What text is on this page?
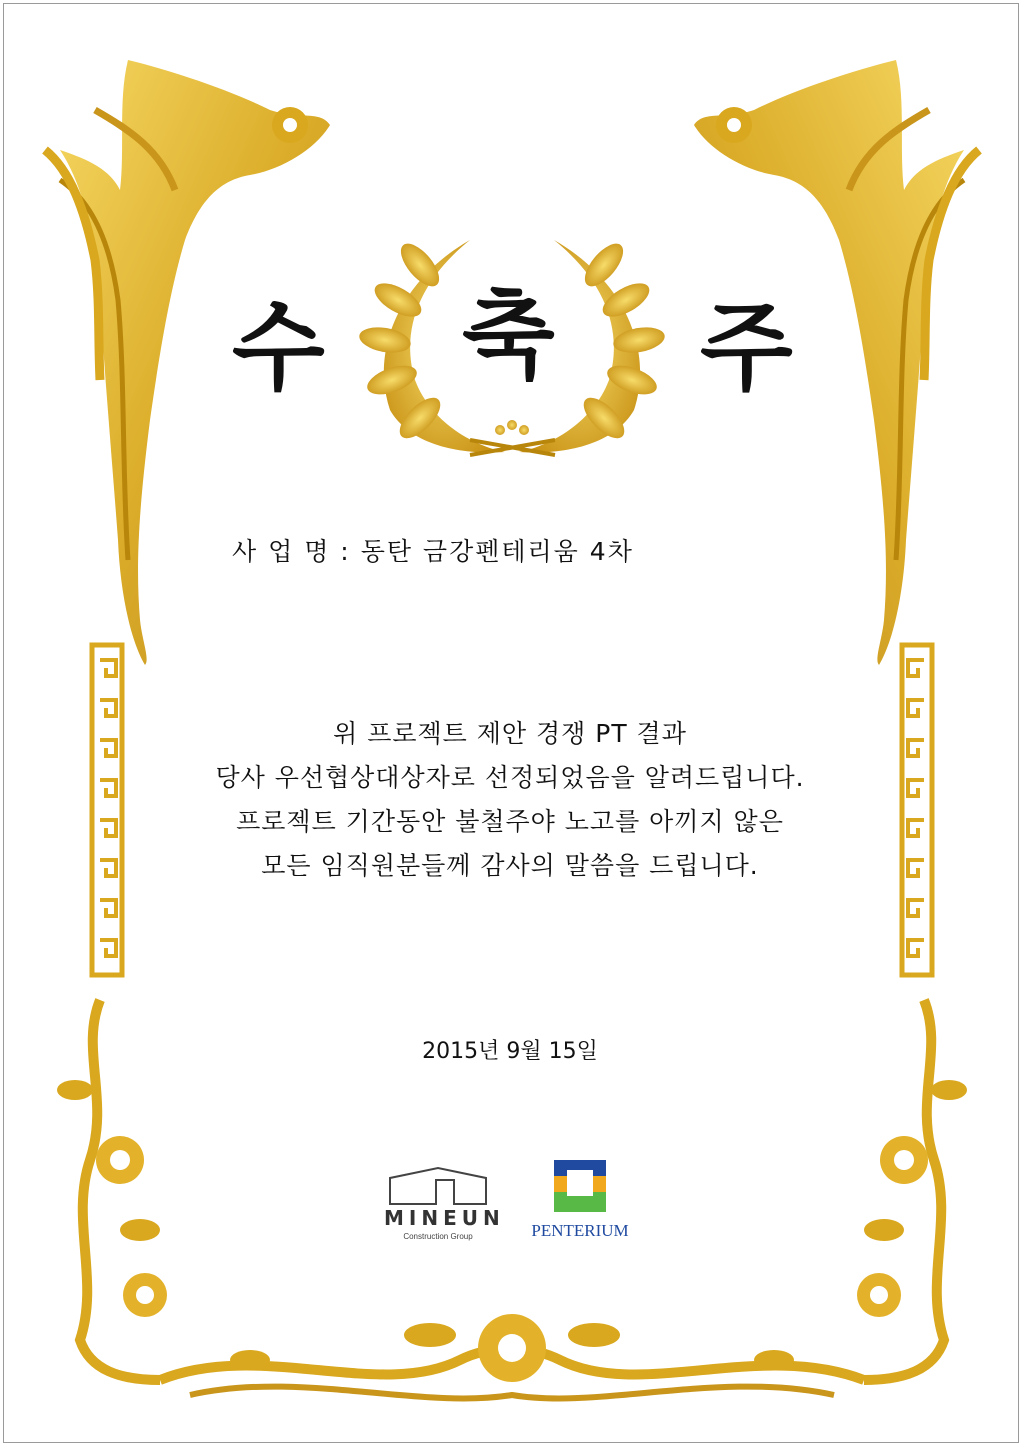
수 축 주
사 업 명 : 동탄 금강펜테리움 4차
위 프로젝트 제안 경쟁 PT 결과
당사 우선협상대상자로 선정되었음을 알려드립니다.
프로젝트 기간동안 불철주야 노고를 아끼지 않은
모든 임직원분들께 감사의 말씀을 드립니다.
2015년 9월 15일
MINEUN
Construction Group	PENTERIUM
